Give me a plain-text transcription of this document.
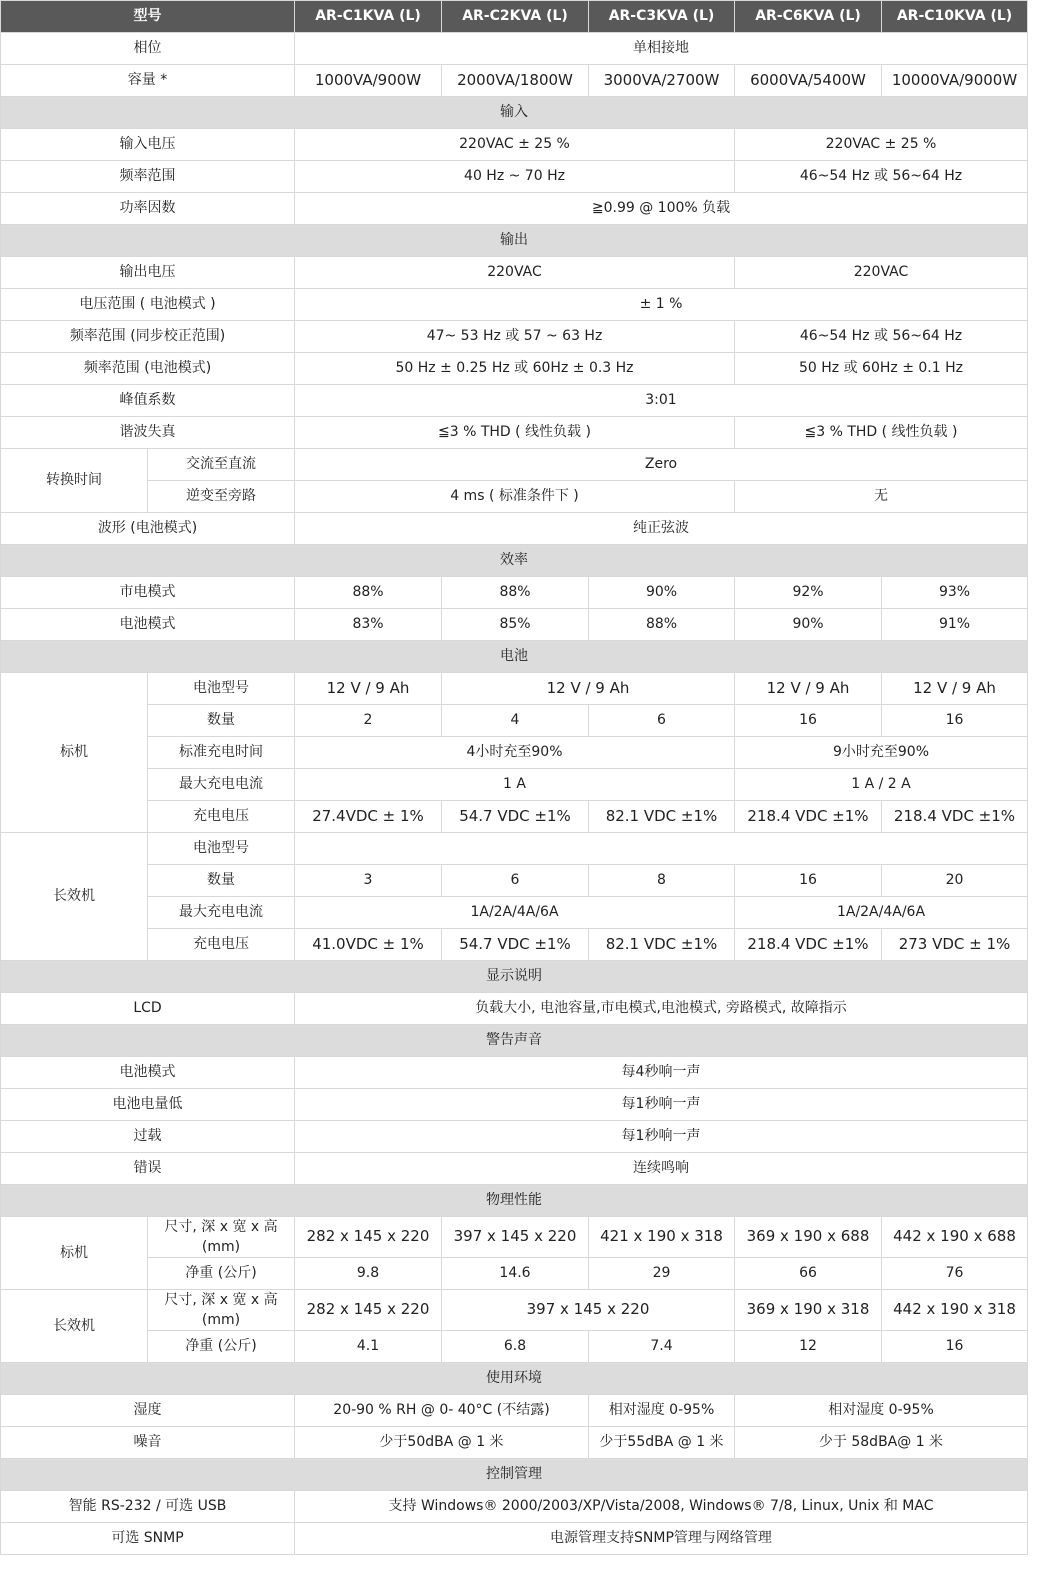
型号		AR-C1KVA (L)	AR-C2KVA (L)	AR-C3KVA (L)	AR-C6KVA (L)	AR-C10KVA (L)
相位		单相接地				
容量 *		1000VA/900W	2000VA/1800W	3000VA/2700W	6000VA/5400W	10000VA/9000W
输入						
输入电压		220VAC ± 25 %			220VAC ± 25 %	
频率范围		40 Hz ~ 70 Hz			46~54 Hz 或 56~64 Hz	
功率因数		≧0.99 @ 100% 负载				
输出						
输出电压		220VAC			220VAC	
电压范围 ( 电池模式 )		± 1 %				
频率范围 (同步校正范围)		47~ 53 Hz 或 57 ~ 63 Hz			46~54 Hz 或 56~64 Hz	
频率范围 (电池模式)		50 Hz ± 0.25 Hz 或 60Hz ± 0.3 Hz			50 Hz 或 60Hz ± 0.1 Hz	
峰值系数		3:01				
谐波失真		≦3 % THD ( 线性负载 )			≦3 % THD ( 线性负载 )	
转换时间	交流至直流	Zero				
	逆变至旁路	4 ms ( 标准条件下 )			无	
波形 (电池模式)		纯正弦波				
效率						
市电模式		88%	88%	90%	92%	93%
电池模式		83%	85%	88%	90%	91%
电池						
标机	电池型号	12 V / 9 Ah	12 V / 9 Ah		12 V / 9 Ah	12 V / 9 Ah
	数量	2	4	6	16	16
	标准充电时间	4小时充至90%			9小时充至90%	
	最大充电电流	1 A			1 A / 2 A	
	充电电压	27.4VDC ± 1%	54.7 VDC ±1%	82.1 VDC ±1%	218.4 VDC ±1%	218.4 VDC ±1%
长效机	电池型号					
	数量	3	6	8	16	20
	最大充电电流	1A/2A/4A/6A			1A/2A/4A/6A	
	充电电压	41.0VDC ± 1%	54.7 VDC ±1%	82.1 VDC ±1%	218.4 VDC ±1%	273 VDC ± 1%
显示说明						
LCD		负载大小, 电池容量,市电模式,电池模式, 旁路模式, 故障指示				
警告声音						
电池模式		每4秒响一声				
电池电量低		每1秒响一声				
过载		每1秒响一声				
错误		连续鸣响				
物理性能						
标机	尺寸, 深 x 宽 x 高 (mm)	282 x 145 x 220	397 x 145 x 220	421 x 190 x 318	369 x 190 x 688	442 x 190 x 688
	净重 (公斤)	9.8	14.6	29	66	76
长效机	尺寸, 深 x 宽 x 高 (mm)	282 x 145 x 220	397 x 145 x 220		369 x 190 x 318	442 x 190 x 318
	净重 (公斤)	4.1	6.8	7.4	12	16
使用环境						
湿度		20-90 % RH @ 0- 40°C (不结露)		相对湿度 0-95%	相对湿度 0-95%	
噪音		少于50dBA @ 1 米		少于55dBA @ 1 米	少于 58dBA@ 1 米	
控制管理						
智能 RS-232 / 可选 USB		支持 Windows® 2000/2003/XP/Vista/2008, Windows® 7/8, Linux, Unix 和 MAC				
可选 SNMP		电源管理支持SNMP管理与网络管理				
